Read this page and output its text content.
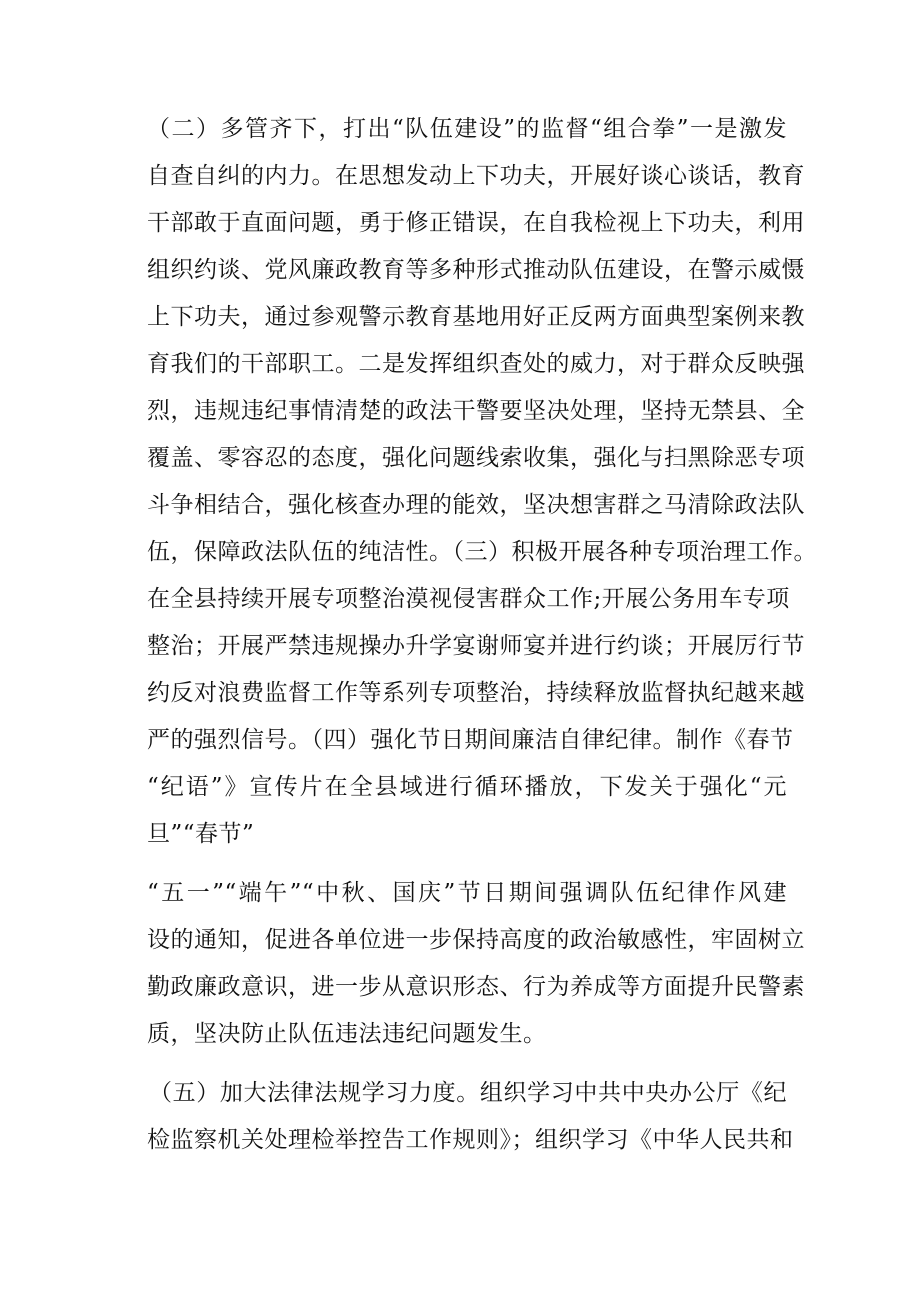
（二）多管齐下，打出“队伍建设”的监督“组合拳”一是激发
自查自纠的内力。在思想发动上下功夫，开展好谈心谈话，教育
干部敢于直面问题，勇于修正错误，在自我检视上下功夫，利用
组织约谈、党风廉政教育等多种形式推动队伍建设，在警示威慑
上下功夫，通过参观警示教育基地用好正反两方面典型案例来教
育我们的干部职工。二是发挥组织查处的威力，对于群众反映强
烈，违规违纪事情清楚的政法干警要坚决处理，坚持无禁县、全
覆盖、零容忍的态度，强化问题线索收集，强化与扫黑除恶专项
斗争相结合，强化核查办理的能效，坚决想害群之马清除政法队
伍，保障政法队伍的纯洁性。（三）积极开展各种专项治理工作。
在全县持续开展专项整治漠视侵害群众工作;开展公务用车专项
整治；开展严禁违规操办升学宴谢师宴并进行约谈；开展厉行节
约反对浪费监督工作等系列专项整治，持续释放监督执纪越来越
严的强烈信号。（四）强化节日期间廉洁自律纪律。制作《春节
“纪语”》宣传片在全县域进行循环播放，下发关于强化“元
旦”“春节”
“五一”“端午”“中秋、国庆”节日期间强调队伍纪律作风建
设的通知，促进各单位进一步保持高度的政治敏感性，牢固树立
勤政廉政意识，进一步从意识形态、行为养成等方面提升民警素
质，坚决防止队伍违法违纪问题发生。
（五）加大法律法规学习力度。组织学习中共中央办公厅《纪
检监察机关处理检举控告工作规则》；组织学习《中华人民共和
